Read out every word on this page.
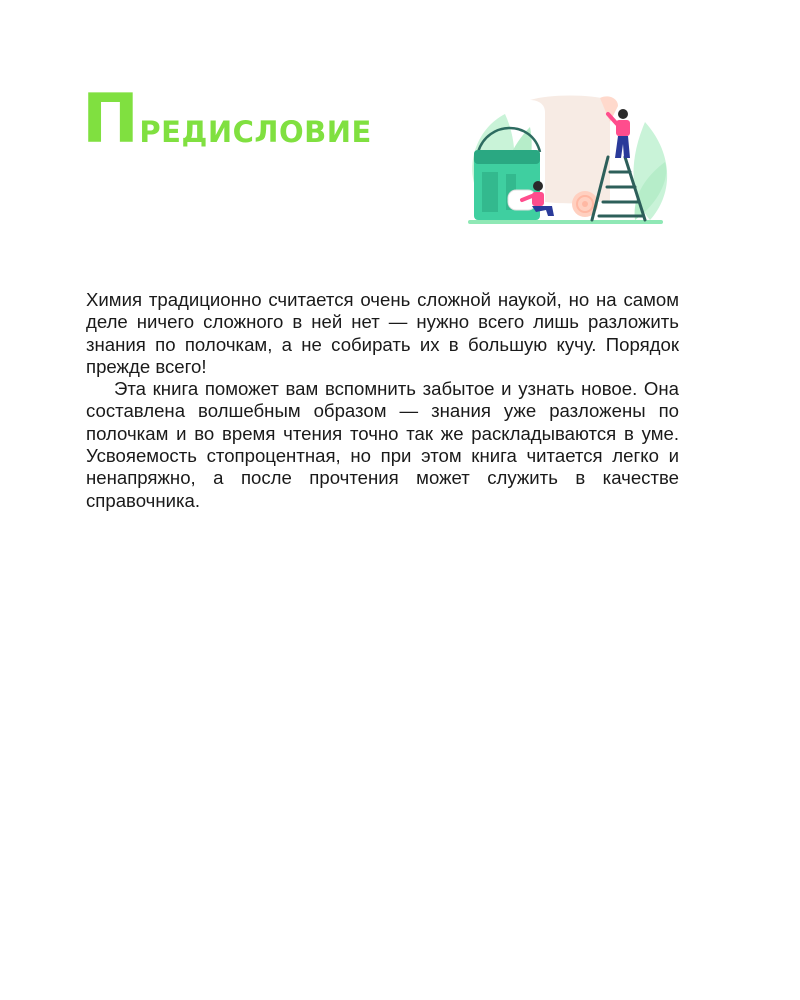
Предисловие

Химия традиционно считается очень сложной наукой, но на самом деле ничего сложного в ней нет — нужно всего лишь разложить знания по полочкам, а не собирать их в большую кучу. Порядок прежде всего!

Эта книга поможет вам вспомнить забытое и узнать новое. Она составлена волшебным образом — знания уже разложены по полочкам и во время чтения точно так же раскладываются в уме. Усвояемость стопроцентная, но при этом книга читается легко и ненапряжно, а после прочтения может служить в качестве справочника.
